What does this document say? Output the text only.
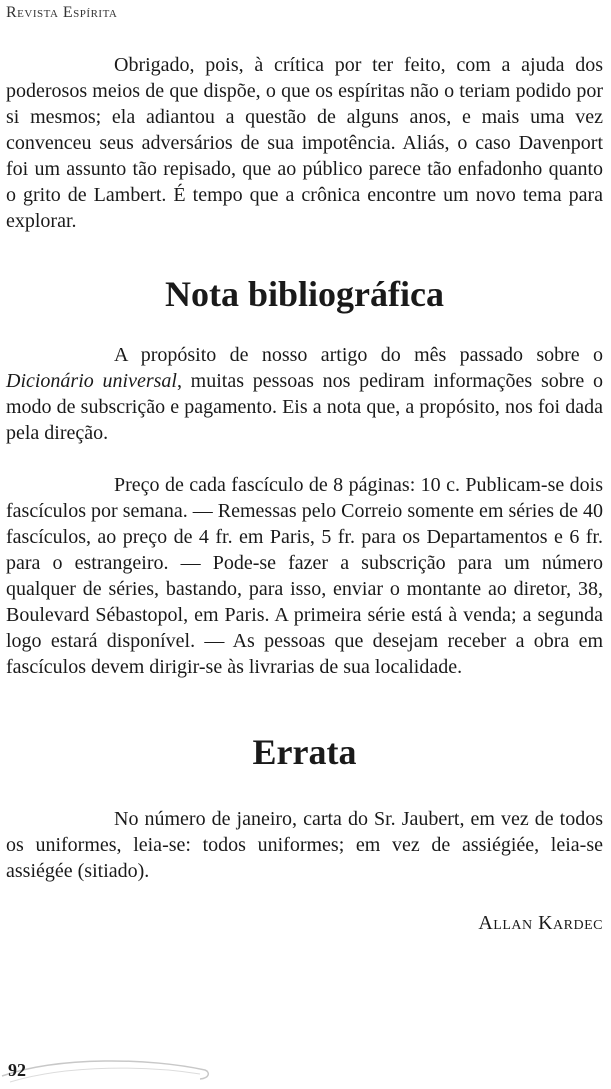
Revista Espírita

Obrigado, pois, à crítica por ter feito, com a ajuda dos poderosos meios de que dispõe, o que os espíritas não o teriam podido por si mesmos; ela adiantou a questão de alguns anos, e mais uma vez convenceu seus adversários de sua impotência. Aliás, o caso Davenport foi um assunto tão repisado, que ao público parece tão enfadonho quanto o grito de Lambert. É tempo que a crônica encontre um novo tema para explorar.

Nota bibliográfica

A propósito de nosso artigo do mês passado sobre o Dicionário universal, muitas pessoas nos pediram informações sobre o modo de subscrição e pagamento. Eis a nota que, a propósito, nos foi dada pela direção.

Preço de cada fascículo de 8 páginas: 10 c. Publicam-se dois fascículos por semana. — Remessas pelo Correio somente em séries de 40 fascículos, ao preço de 4 fr. em Paris, 5 fr. para os Departamentos e 6 fr. para o estrangeiro. — Pode-se fazer a subscrição para um número qualquer de séries, bastando, para isso, enviar o montante ao diretor, 38, Boulevard Sébastopol, em Paris. A primeira série está à venda; a segunda logo estará disponível. — As pessoas que desejam receber a obra em fascículos devem dirigir-se às livrarias de sua localidade.

Errata

No número de janeiro, carta do Sr. Jaubert, em vez de todos os uniformes, leia-se: todos uniformes; em vez de assiégiée, leia-se assiégée (sitiado).

Allan Kardec

92
